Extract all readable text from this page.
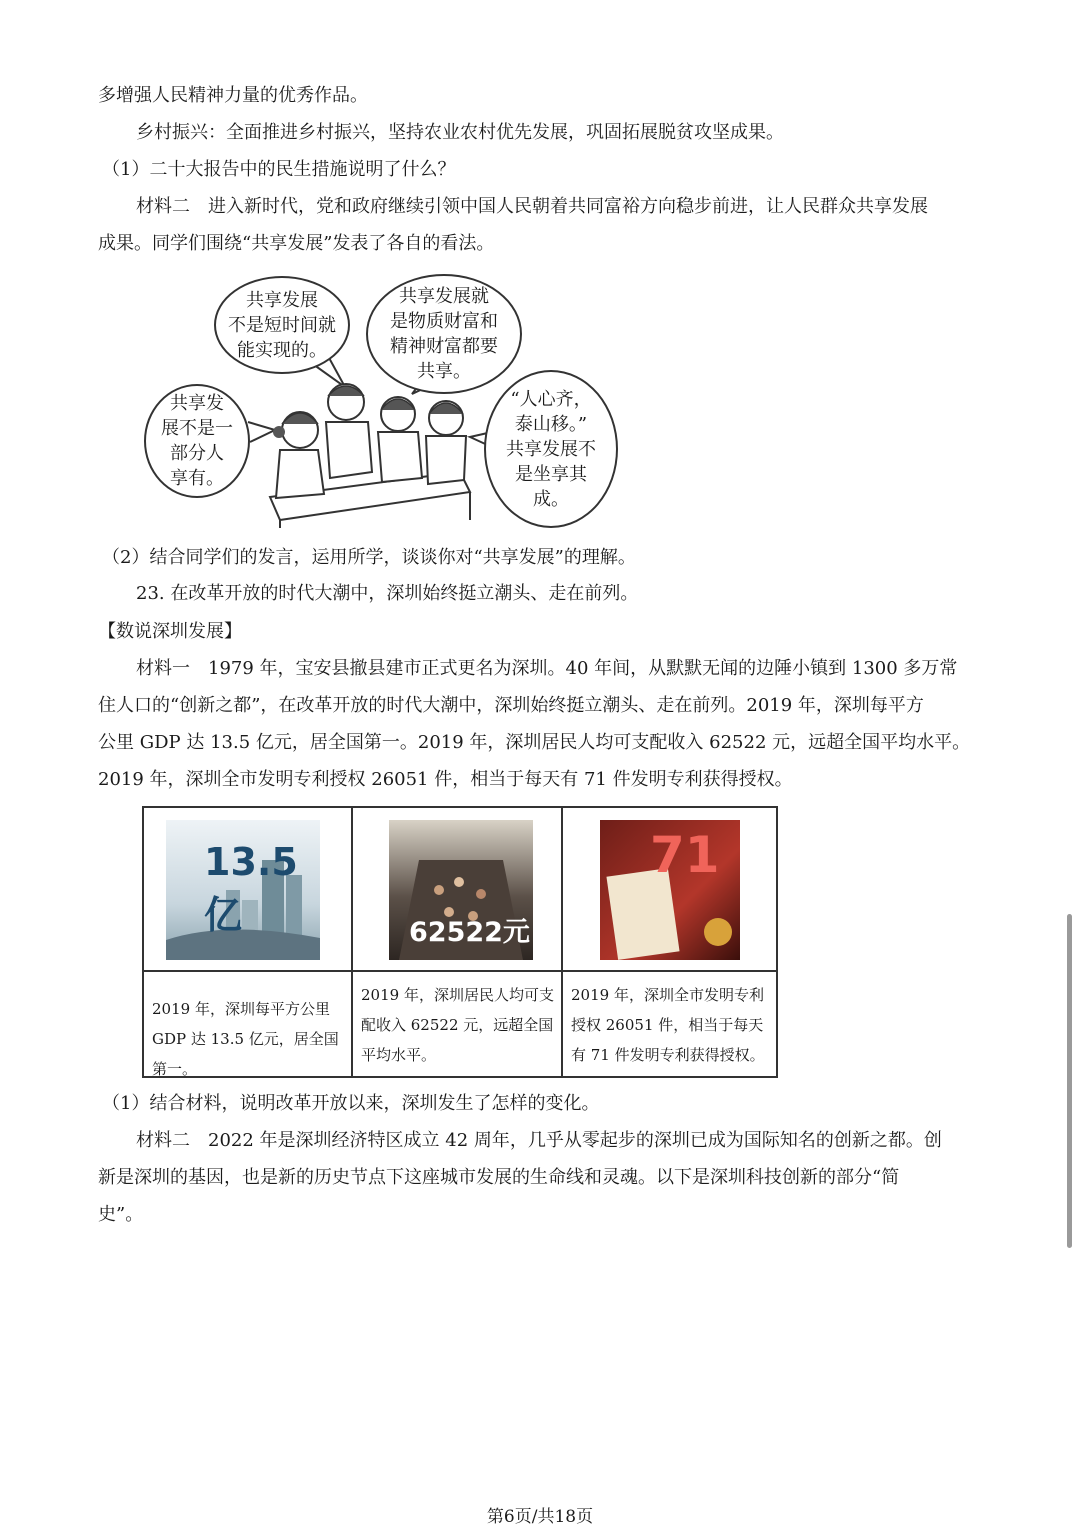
多增强人民精神力量的优秀作品。
乡村振兴：全面推进乡村振兴，坚持农业农村优先发展，巩固拓展脱贫攻坚成果。
（1）二十大报告中的民生措施说明了什么？
材料二　进入新时代，党和政府继续引领中国人民朝着共同富裕方向稳步前进，让人民群众共享发展
成果。同学们围绕“共享发展”发表了各自的看法。
共享发展
不是短时间就
能实现的。
共享发展就
是物质财富和
精神财富都要
共享。
共享发
展不是一
部分人
享有。
“人心齐，
泰山移。”
共享发展不
是坐享其
成。
（2）结合同学们的发言，运用所学，谈谈你对“共享发展”的理解。
23. 在改革开放的时代大潮中，深圳始终挺立潮头、走在前列。
【数说深圳发展】
材料一　1979 年，宝安县撤县建市正式更名为深圳。40 年间，从默默无闻的边陲小镇到 1300 多万常
住人口的“创新之都”，在改革开放的时代大潮中，深圳始终挺立潮头、走在前列。2019 年，深圳每平方
公里 GDP 达 13.5 亿元，居全国第一。2019 年，深圳居民人均可支配收入 62522 元，远超全国平均水平。
2019 年，深圳全市发明专利授权 26051 件，相当于每天有 71 件发明专利获得授权。
13.5亿	62522元
71
2019 年，深圳每平方公里 GDP 达 13.5 亿元，居全国第一。
2019 年，深圳居民人均可支配收入 62522 元，远超全国平均水平。
2019 年，深圳全市发明专利授权 26051 件，相当于每天有 71 件发明专利获得授权。
（1）结合材料，说明改革开放以来，深圳发生了怎样的变化。
材料二　2022 年是深圳经济特区成立 42 周年，几乎从零起步的深圳已成为国际知名的创新之都。创
新是深圳的基因，也是新的历史节点下这座城市发展的生命线和灵魂。以下是深圳科技创新的部分“简
史”。
第6页/共18页
